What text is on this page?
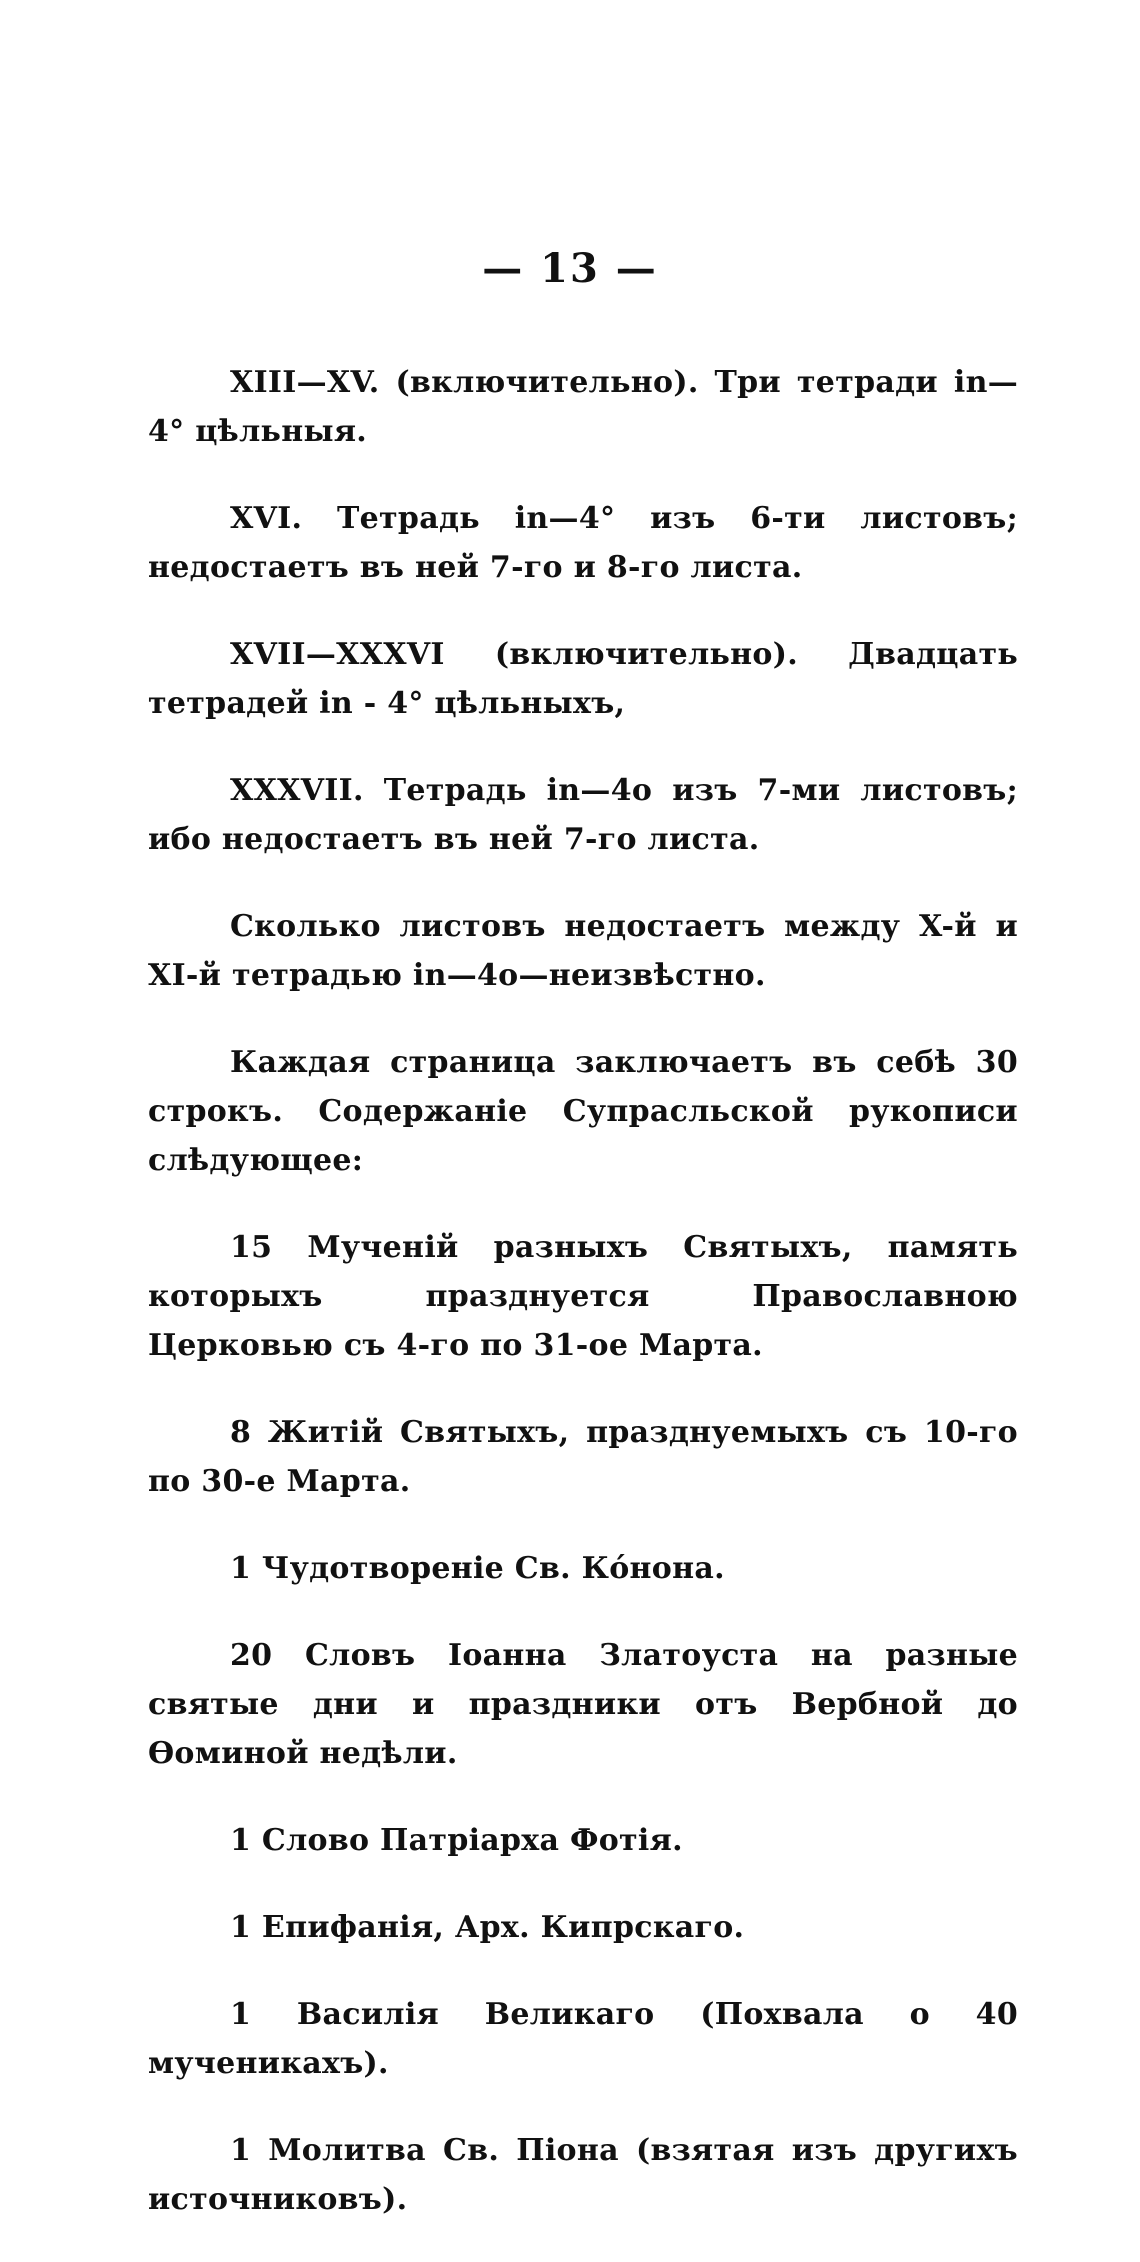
— 13 —

XIII—XV. (включительно). Три тетради in—4° цѣльныя.

XVI. Тетрадь in—4° изъ 6-ти листовъ; недостаетъ въ ней 7-го и 8-го листа.

XVII—XXXVI (включительно). Двадцать тетрадей in - 4° цѣльныхъ,

XXXVII. Тетрадь in—4о изъ 7-ми листовъ; ибо недостаетъ въ ней 7-го листа.

Сколько листовъ недостаетъ между X-й и XI-й тетрадью in—4о—неизвѣстно.

Каждая страница заключаетъ въ себѣ 30 строкъ. Содержаніе Супрасльской рукописи слѣдующее:

15 Мученій разныхъ Святыхъ, память которыхъ празднуется Православною Церковью съ 4-го по 31-ое Марта.

8 Житій Святыхъ, празднуемыхъ съ 10-го по 30-е Марта.

1 Чудотвореніе Св. Кóнона.

20 Словъ Іоанна Златоуста на разные святые дни и праздники отъ Вербной до Ѳоминой недѣли.

1 Слово Патріарха Фотія.

1 Епифанія, Арх. Кипрскаго.

1 Василія Великаго (Похвала о 40 мученикахъ).

1 Молитва Св. Піона (взятая изъ другихъ источниковъ).
